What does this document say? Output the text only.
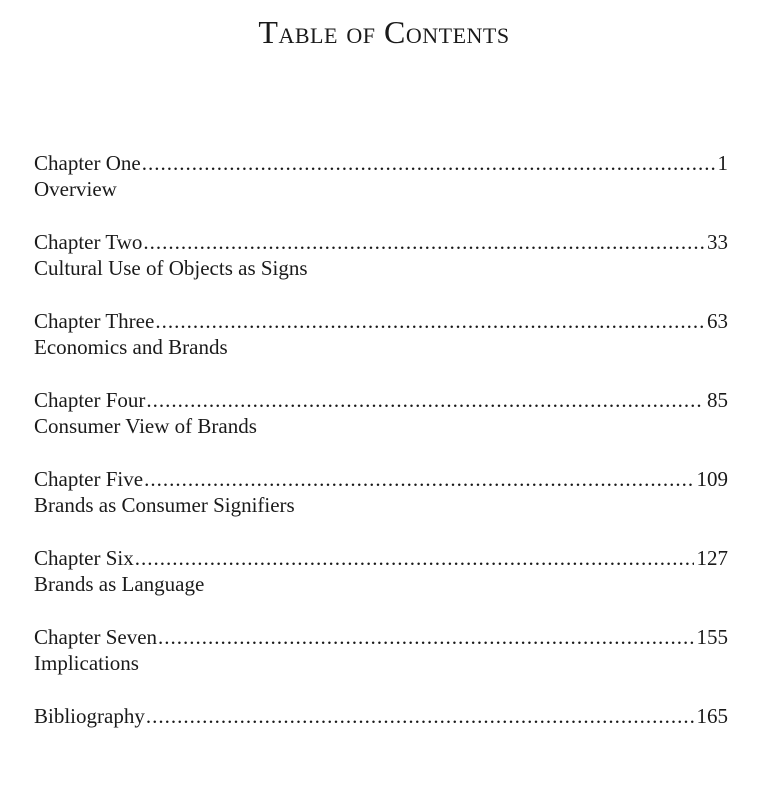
Table of Contents
Chapter One .....	1
Overview
Chapter Two .....	33
Cultural Use of Objects as Signs
Chapter Three .....	63
Economics and Brands
Chapter Four .....	85
Consumer View of Brands
Chapter Five .....	109
Brands as Consumer Signifiers
Chapter Six .....	127
Brands as Language
Chapter Seven .....	155
Implications
Bibliography .....	165
